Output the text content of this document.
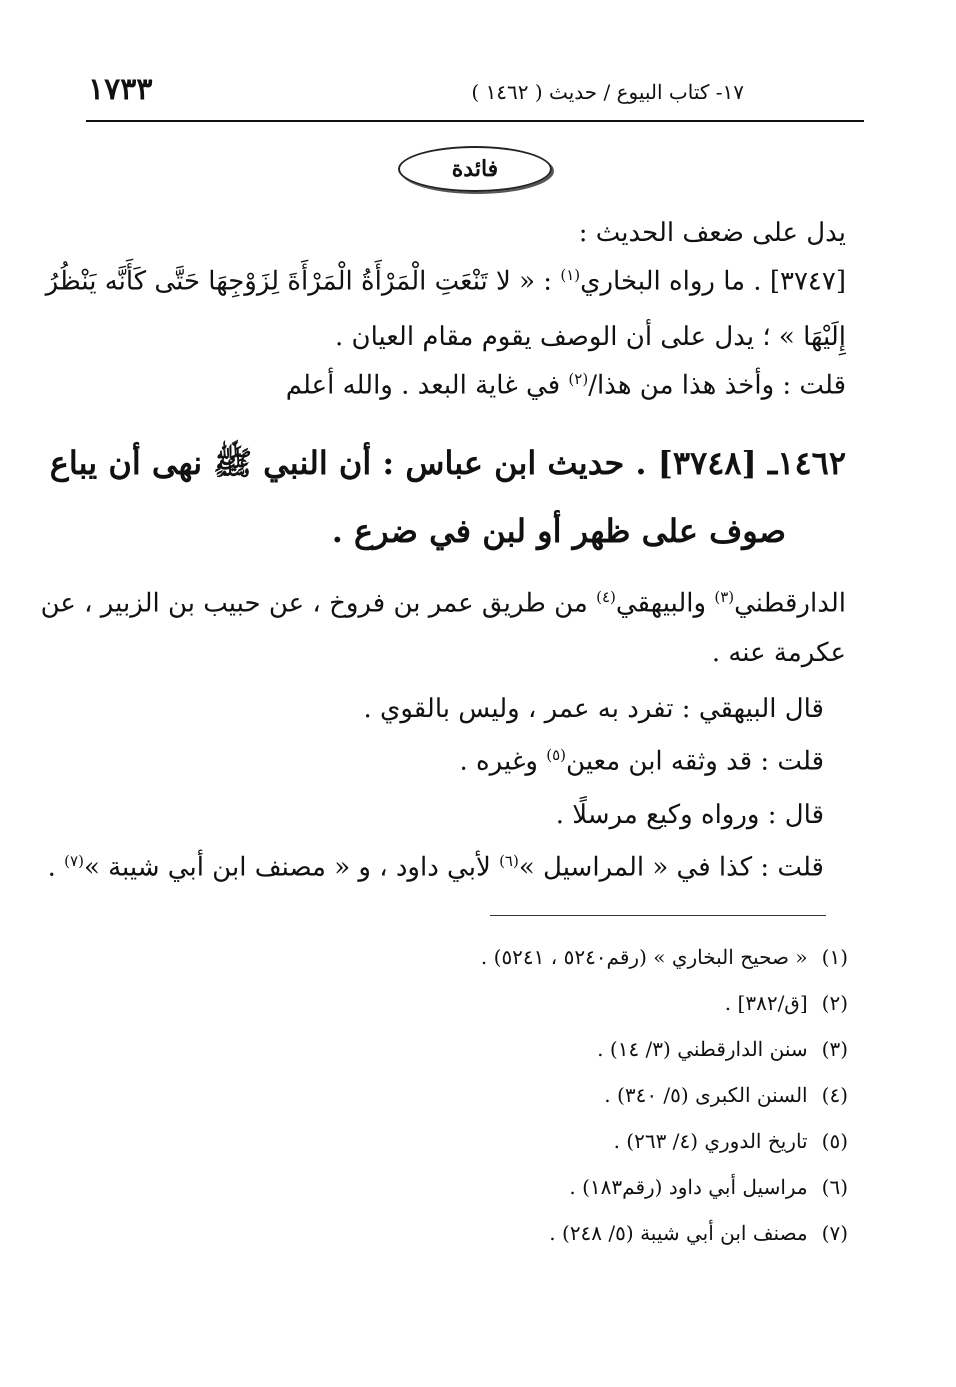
١٧- كتاب البيوع / حديث ( ١٤٦٢ )
١٧٣٣
فائدة
يدل على ضعف الحديث :
[٣٧٤٧] . ما رواه البخاري$^{(١)}$ : « لا تَنْعَتِ الْمَرْأَةُ الْمَرْأَةَ لِزَوْجِهَا حَتَّى كَأَنَّه يَنْظُرُ
إِلَيْهَا » ؛ يدل على أن الوصف يقوم مقام العيان .
قلت : وأخذ هذا من هذا/$^{(٢)}$ في غاية البعد . والله أعلم
١٤٦٢ـ [٣٧٤٨] . حديث ابن عباس : أن النبي ﷺ نهى أن يباع
صوف على ظهر أو لبن في ضرع .
الدارقطني$^{(٣)}$ والبيهقي$^{(٤)}$ من طريق عمر بن فروخ ، عن حبيب بن الزبير ، عن
عكرمة عنه .
قال البيهقي : تفرد به عمر ، وليس بالقوي .
قلت : قد وثقه ابن معين$^{(٥)}$ وغيره .
قال : ورواه وكيع مرسلًا .
قلت : كذا في « المراسيل »$^{(٦)}$ لأبي داود ، و « مصنف ابن أبي شيبة »$^{(٧)}$ .
(١)« صحيح البخاري » (رقم٥٢٤٠ ، ٥٢٤١) .
(٢)[ق/٣٨٢] .
(٣)سنن الدارقطني (٣/ ١٤) .
(٤)السنن الكبرى (٥/ ٣٤٠) .
(٥)تاريخ الدوري (٤/ ٢٦٣) .
(٦)مراسيل أبي داود (رقم١٨٣) .
(٧)مصنف ابن أبي شيبة (٥/ ٢٤٨) .
